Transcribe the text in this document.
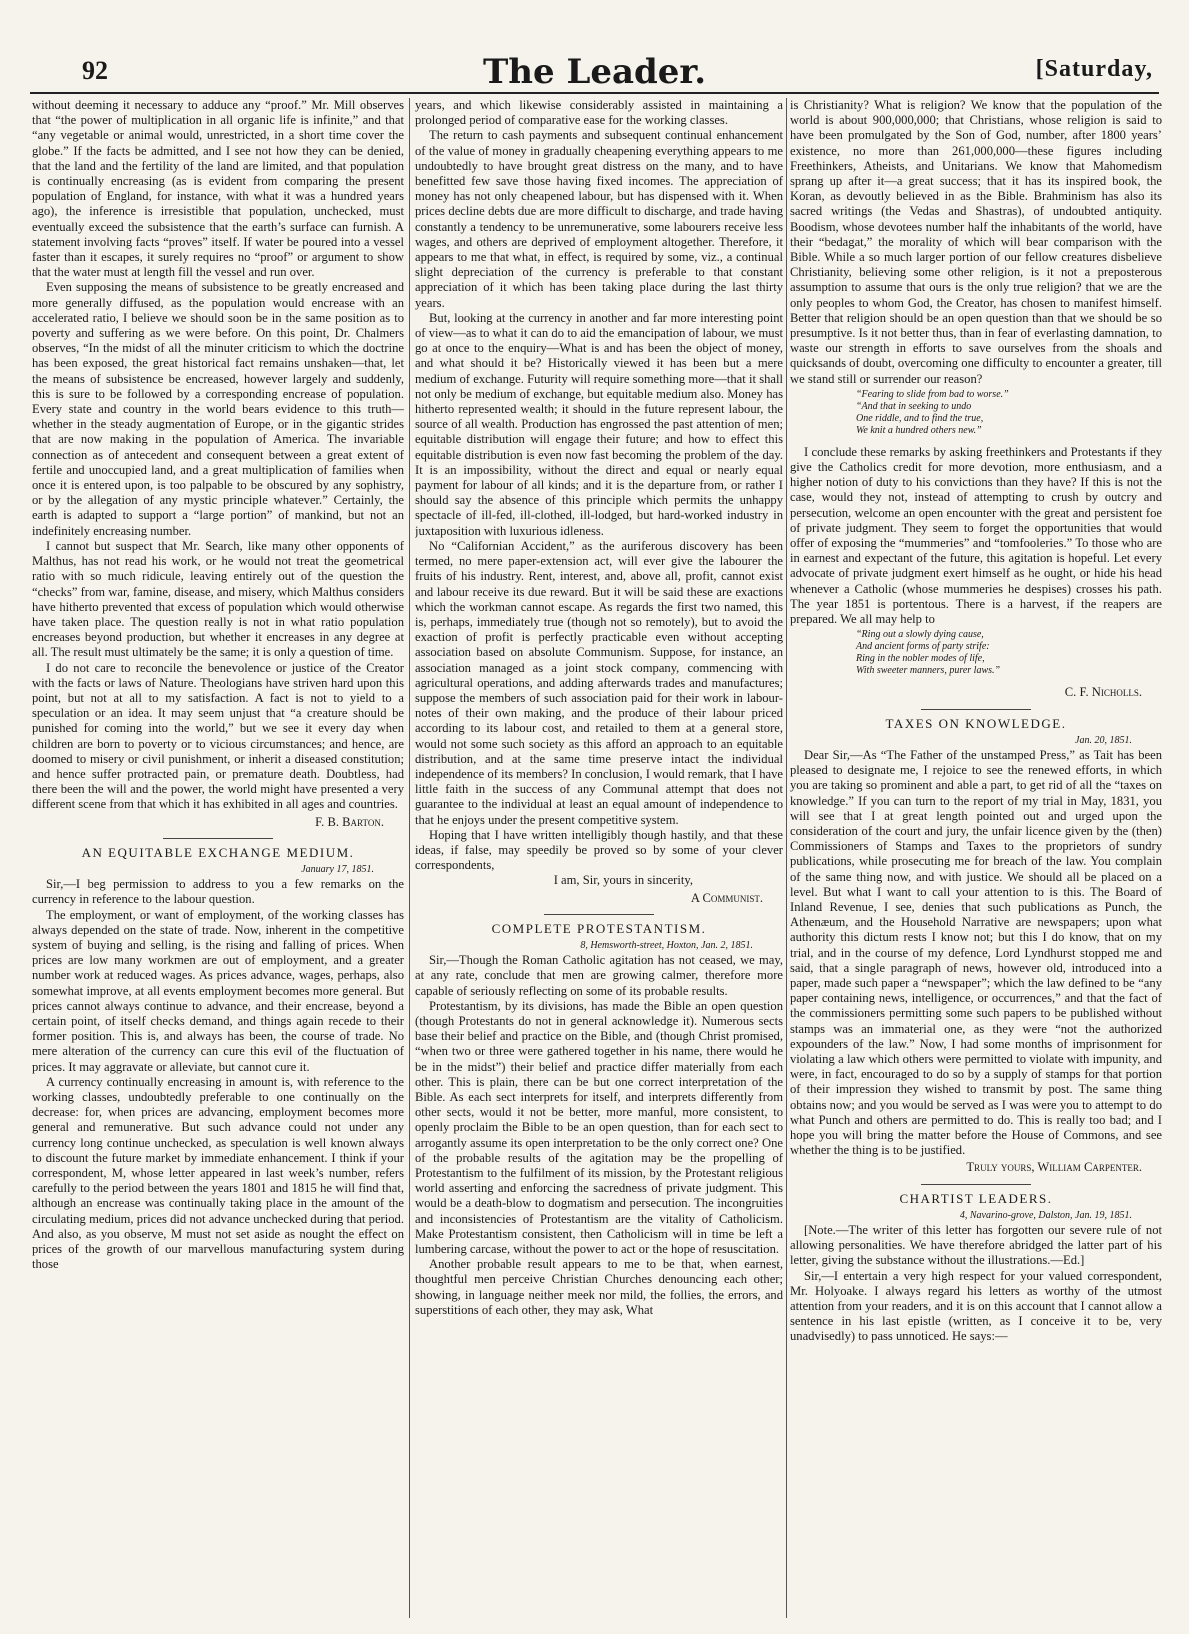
92	The Leader.	[Saturday,

without deeming it necessary to adduce any “proof.” Mr. Mill observes that “the power of multiplication in all organic life is infinite,” and that “any vegetable or animal would, unrestricted, in a short time cover the globe.” If the facts be admitted, and I see not how they can be denied, that the land and the fertility of the land are limited, and that population is continually encreasing (as is evident from comparing the present population of England, for instance, with what it was a hundred years ago), the inference is irresistible that population, unchecked, must eventually exceed the subsistence that the earth’s surface can furnish. A statement involving facts “proves” itself. If water be poured into a vessel faster than it escapes, it surely requires no “proof” or argument to show that the water must at length fill the vessel and run over.

Even supposing the means of subsistence to be greatly encreased and more generally diffused, as the population would encrease with an accelerated ratio, I believe we should soon be in the same position as to poverty and suffering as we were before. On this point, Dr. Chalmers observes, “In the midst of all the minuter criticism to which the doctrine has been exposed, the great historical fact remains unshaken—that, let the means of subsistence be encreased, however largely and suddenly, this is sure to be followed by a corresponding encrease of population. Every state and country in the world bears evidence to this truth—whether in the steady augmentation of Europe, or in the gigantic strides that are now making in the population of America. The invariable connection as of antecedent and consequent between a great extent of fertile and unoccupied land, and a great multiplication of families when once it is entered upon, is too palpable to be obscured by any sophistry, or by the allegation of any mystic principle whatever.” Certainly, the earth is adapted to support a “large portion” of mankind, but not an indefinitely encreasing number.

I cannot but suspect that Mr. Search, like many other opponents of Malthus, has not read his work, or he would not treat the geometrical ratio with so much ridicule, leaving entirely out of the question the “checks” from war, famine, disease, and misery, which Malthus considers have hitherto prevented that excess of population which would otherwise have taken place. The question really is not in what ratio population encreases beyond production, but whether it encreases in any degree at all. The result must ultimately be the same; it is only a question of time.

I do not care to reconcile the benevolence or justice of the Creator with the facts or laws of Nature. Theologians have striven hard upon this point, but not at all to my satisfaction. A fact is not to yield to a speculation or an idea. It may seem unjust that “a creature should be punished for coming into the world,” but we see it every day when children are born to poverty or to vicious circumstances; and hence, are doomed to misery or civil punishment, or inherit a diseased constitution; and hence suffer protracted pain, or premature death. Doubtless, had there been the will and the power, the world might have presented a very different scene from that which it has exhibited in all ages and countries.

F. B. Barton.
AN EQUITABLE EXCHANGE MEDIUM.
January 17, 1851.

Sir,—I beg permission to address to you a few remarks on the currency in reference to the labour question.

The employment, or want of employment, of the working classes has always depended on the state of trade. Now, inherent in the competitive system of buying and selling, is the rising and falling of prices. When prices are low many workmen are out of employment, and a greater number work at reduced wages. As prices advance, wages, perhaps, also somewhat improve, at all events employment becomes more general. But prices cannot always continue to advance, and their encrease, beyond a certain point, of itself checks demand, and things again recede to their former position. This is, and always has been, the course of trade. No mere alteration of the currency can cure this evil of the fluctuation of prices. It may aggravate or alleviate, but cannot cure it.

A currency continually encreasing in amount is, with reference to the working classes, undoubtedly preferable to one continually on the decrease: for, when prices are advancing, employment becomes more general and remunerative. But such advance could not under any currency long continue unchecked, as speculation is well known always to discount the future market by immediate enhancement. I think if your correspondent, M, whose letter appeared in last week’s number, refers carefully to the period between the years 1801 and 1815 he will find that, although an encrease was continually taking place in the amount of the circulating medium, prices did not advance unchecked during that period. And also, as you observe, M must not set aside as nought the effect on prices of the growth of our marvellous manufacturing system during those

years, and which likewise considerably assisted in maintaining a prolonged period of comparative ease for the working classes.

The return to cash payments and subsequent continual enhancement of the value of money in gradually cheapening everything appears to me undoubtedly to have brought great distress on the many, and to have benefitted few save those having fixed incomes. The appreciation of money has not only cheapened labour, but has dispensed with it. When prices decline debts due are more difficult to discharge, and trade having constantly a tendency to be unremunerative, some labourers receive less wages, and others are deprived of employment altogether. Therefore, it appears to me that what, in effect, is required by some, viz., a continual slight depreciation of the currency is preferable to that constant appreciation of it which has been taking place during the last thirty years.

But, looking at the currency in another and far more interesting point of view—as to what it can do to aid the emancipation of labour, we must go at once to the enquiry—What is and has been the object of money, and what should it be? Historically viewed it has been but a mere medium of exchange. Futurity will require something more—that it shall not only be medium of exchange, but equitable medium also. Money has hitherto represented wealth; it should in the future represent labour, the source of all wealth. Production has engrossed the past attention of men; equitable distribution will engage their future; and how to effect this equitable distribution is even now fast becoming the problem of the day. It is an impossibility, without the direct and equal or nearly equal payment for labour of all kinds; and it is the departure from, or rather I should say the absence of this principle which permits the unhappy spectacle of ill-fed, ill-clothed, ill-lodged, but hard-worked industry in juxtaposition with luxurious idleness.

No “Californian Accident,” as the auriferous discovery has been termed, no mere paper-extension act, will ever give the labourer the fruits of his industry. Rent, interest, and, above all, profit, cannot exist and labour receive its due reward. But it will be said these are exactions which the workman cannot escape. As regards the first two named, this is, perhaps, immediately true (though not so remotely), but to avoid the exaction of profit is perfectly practicable even without accepting association based on absolute Communism. Suppose, for instance, an association managed as a joint stock company, commencing with agricultural operations, and adding afterwards trades and manufactures; suppose the members of such association paid for their work in labour-notes of their own making, and the produce of their labour priced according to its labour cost, and retailed to them at a general store, would not some such society as this afford an approach to an equitable distribution, and at the same time preserve intact the individual independence of its members? In conclusion, I would remark, that I have little faith in the success of any Communal attempt that does not guarantee to the individual at least an equal amount of independence to that he enjoys under the present competitive system.

Hoping that I have written intelligibly though hastily, and that these ideas, if false, may speedily be proved so by some of your clever correspondents,

I am, Sir, yours in sincerity,
A Communist.
COMPLETE PROTESTANTISM.
8, Hemsworth-street, Hoxton, Jan. 2, 1851.

Sir,—Though the Roman Catholic agitation has not ceased, we may, at any rate, conclude that men are growing calmer, therefore more capable of seriously reflecting on some of its probable results.

Protestantism, by its divisions, has made the Bible an open question (though Protestants do not in general acknowledge it). Numerous sects base their belief and practice on the Bible, and (though Christ promised, “when two or three were gathered together in his name, there would he be in the midst”) their belief and practice differ materially from each other. This is plain, there can be but one correct interpretation of the Bible. As each sect interprets for itself, and interprets differently from other sects, would it not be better, more manful, more consistent, to openly proclaim the Bible to be an open question, than for each sect to arrogantly assume its open interpretation to be the only correct one? One of the probable results of the agitation may be the propelling of Protestantism to the fulfilment of its mission, by the Protestant religious world asserting and enforcing the sacredness of private judgment. This would be a death-blow to dogmatism and persecution. The incongruities and inconsistencies of Protestantism are the vitality of Catholicism. Make Protestantism consistent, then Catholicism will in time be left a lumbering carcase, without the power to act or the hope of resuscitation.

Another probable result appears to me to be that, when earnest, thoughtful men perceive Christian Churches denouncing each other; showing, in language neither meek nor mild, the follies, the errors, and superstitions of each other, they may ask, What

is Christianity? What is religion? We know that the population of the world is about 900,000,000; that Christians, whose religion is said to have been promulgated by the Son of God, number, after 1800 years’ existence, no more than 261,000,000—these figures including Freethinkers, Atheists, and Unitarians. We know that Mahomedism sprang up after it—a great success; that it has its inspired book, the Koran, as devoutly believed in as the Bible. Brahminism has also its sacred writings (the Vedas and Shastras), of undoubted antiquity. Boodism, whose devotees number half the inhabitants of the world, have their “bedagat,” the morality of which will bear comparison with the Bible. While a so much larger portion of our fellow creatures disbelieve Christianity, believing some other religion, is it not a preposterous assumption to assume that ours is the only true religion? that we are the only peoples to whom God, the Creator, has chosen to manifest himself. Better that religion should be an open question than that we should be so presumptive. Is it not better thus, than in fear of everlasting damnation, to waste our strength in efforts to save ourselves from the shoals and quicksands of doubt, overcoming one difficulty to encounter a greater, till we stand still or surrender our reason?

“Fearing to slide from bad to worse.”
“And that in seeking to undo
One riddle, and to find the true,
We knit a hundred others new.”

I conclude these remarks by asking freethinkers and Protestants if they give the Catholics credit for more devotion, more enthusiasm, and a higher notion of duty to his convictions than they have? If this is not the case, would they not, instead of attempting to crush by outcry and persecution, welcome an open encounter with the great and persistent foe of private judgment. They seem to forget the opportunities that would offer of exposing the “mummeries” and “tomfooleries.” To those who are in earnest and expectant of the future, this agitation is hopeful. Let every advocate of private judgment exert himself as he ought, or hide his head whenever a Catholic (whose mummeries he despises) crosses his path. The year 1851 is portentous. There is a harvest, if the reapers are prepared. We all may help to

“Ring out a slowly dying cause,
And ancient forms of party strife:
Ring in the nobler modes of life,
With sweeter manners, purer laws.”
C. F. Nicholls.
TAXES ON KNOWLEDGE.
Jan. 20, 1851.

Dear Sir,—As “The Father of the unstamped Press,” as Tait has been pleased to designate me, I rejoice to see the renewed efforts, in which you are taking so prominent and able a part, to get rid of all the “taxes on knowledge.” If you can turn to the report of my trial in May, 1831, you will see that I at great length pointed out and urged upon the consideration of the court and jury, the unfair licence given by the (then) Commissioners of Stamps and Taxes to the proprietors of sundry publications, while prosecuting me for breach of the law. You complain of the same thing now, and with justice. We should all be placed on a level. But what I want to call your attention to is this. The Board of Inland Revenue, I see, denies that such publications as Punch, the Athenæum, and the Household Narrative are newspapers; upon what authority this dictum rests I know not; but this I do know, that on my trial, and in the course of my defence, Lord Lyndhurst stopped me and said, that a single paragraph of news, however old, introduced into a paper, made such paper a “newspaper”; which the law defined to be “any paper containing news, intelligence, or occurrences,” and that the fact of the commissioners permitting some such papers to be published without stamps was an immaterial one, as they were “not the authorized expounders of the law.” Now, I had some months of imprisonment for violating a law which others were permitted to violate with impunity, and were, in fact, encouraged to do so by a supply of stamps for that portion of their impression they wished to transmit by post. The same thing obtains now; and you would be served as I was were you to attempt to do what Punch and others are permitted to do. This is really too bad; and I hope you will bring the matter before the House of Commons, and see whether the thing is to be justified.

Truly yours, William Carpenter.
CHARTIST LEADERS.
4, Navarino-grove, Dalston, Jan. 19, 1851.

[Note.—The writer of this letter has forgotten our severe rule of not allowing personalities. We have therefore abridged the latter part of his letter, giving the substance without the illustrations.—Ed.]

Sir,—I entertain a very high respect for your valued correspondent, Mr. Holyoake. I always regard his letters as worthy of the utmost attention from your readers, and it is on this account that I cannot allow a sentence in his last epistle (written, as I conceive it to be, very unadvisedly) to pass unnoticed. He says:—
